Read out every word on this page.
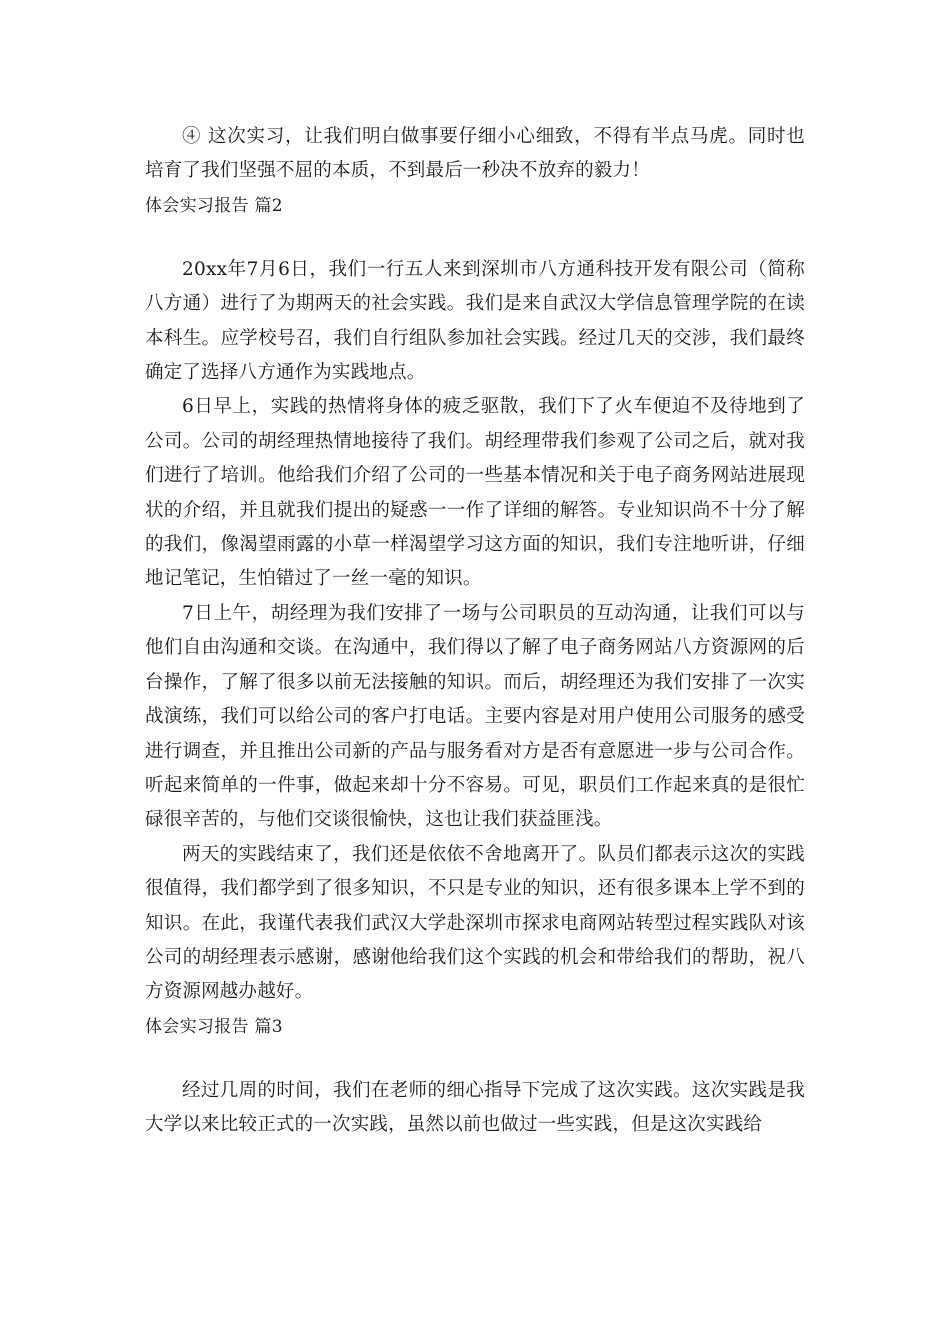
④ 这次实习，让我们明白做事要仔细小心细致，不得有半点马虎。同时也培育了我们坚强不屈的本质，不到最后一秒决不放弃的毅力！

体会实习报告 篇2

20xx年7月6日，我们一行五人来到深圳市八方通科技开发有限公司（简称八方通）进行了为期两天的社会实践。我们是来自武汉大学信息管理学院的在读本科生。应学校号召，我们自行组队参加社会实践。经过几天的交涉，我们最终确定了选择八方通作为实践地点。

6日早上，实践的热情将身体的疲乏驱散，我们下了火车便迫不及待地到了公司。公司的胡经理热情地接待了我们。胡经理带我们参观了公司之后，就对我们进行了培训。他给我们介绍了公司的一些基本情况和关于电子商务网站进展现状的介绍，并且就我们提出的疑惑一一作了详细的解答。专业知识尚不十分了解的我们，像渴望雨露的小草一样渴望学习这方面的知识，我们专注地听讲，仔细地记笔记，生怕错过了一丝一毫的知识。

7日上午，胡经理为我们安排了一场与公司职员的互动沟通，让我们可以与他们自由沟通和交谈。在沟通中，我们得以了解了电子商务网站八方资源网的后台操作，了解了很多以前无法接触的知识。而后，胡经理还为我们安排了一次实战演练，我们可以给公司的客户打电话。主要内容是对用户使用公司服务的感受进行调查，并且推出公司新的产品与服务看对方是否有意愿进一步与公司合作。听起来简单的一件事，做起来却十分不容易。可见，职员们工作起来真的是很忙碌很辛苦的，与他们交谈很愉快，这也让我们获益匪浅。

两天的实践结束了，我们还是依依不舍地离开了。队员们都表示这次的实践很值得，我们都学到了很多知识，不只是专业的知识，还有很多课本上学不到的知识。在此，我谨代表我们武汉大学赴深圳市探求电商网站转型过程实践队对该公司的胡经理表示感谢，感谢他给我们这个实践的机会和带给我们的帮助，祝八方资源网越办越好。

体会实习报告 篇3

经过几周的时间，我们在老师的细心指导下完成了这次实践。这次实践是我大学以来比较正式的一次实践，虽然以前也做过一些实践，但是这次实践给
